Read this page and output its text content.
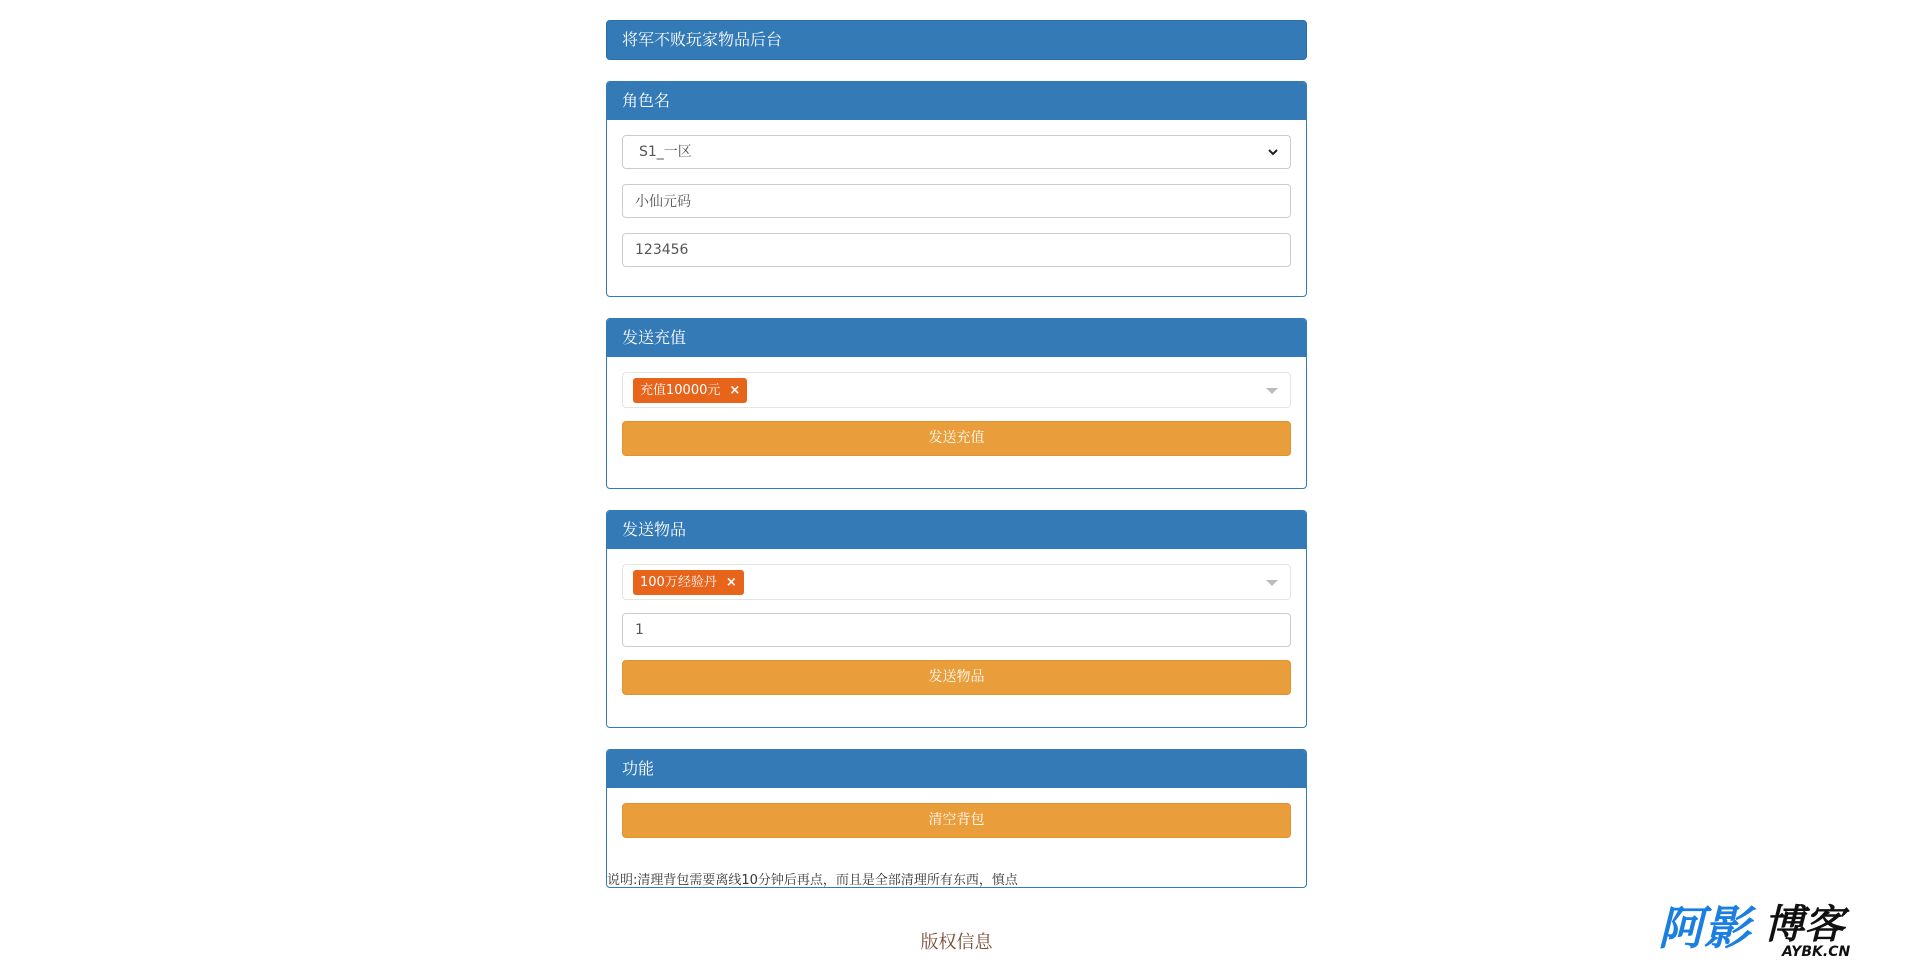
将军不败玩家物品后台
角色名
S1_一区
小仙元码
123456
发送充值
充值10000元 ×
发送充值
发送物品
100万经验丹 ×
1
发送物品
功能
清空背包
说明:清理背包需要离线10分钟后再点，而且是全部清理所有东西，慎点
版权信息	阿影 博客
AYBK.CN
